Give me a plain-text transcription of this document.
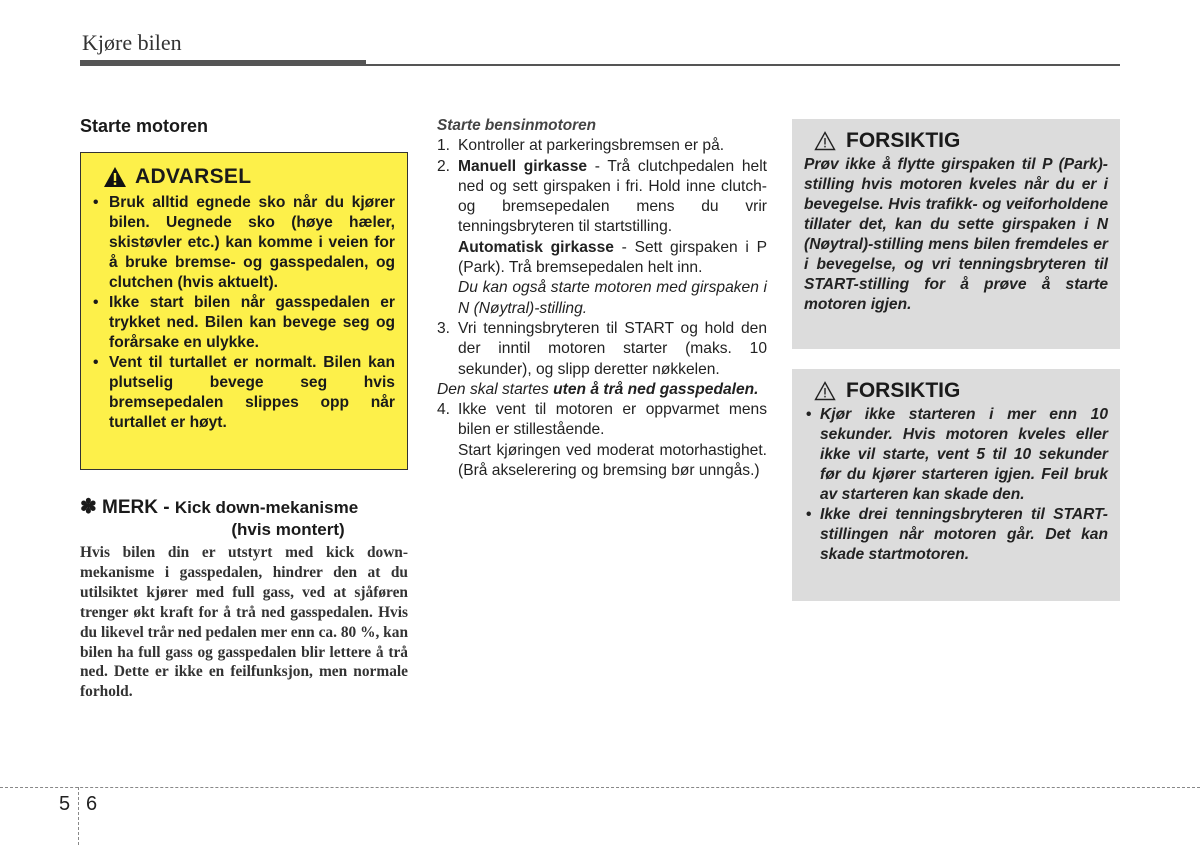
Kjøre bilen
Starte motoren
ADVARSEL
• Bruk alltid egnede sko når du kjører bilen. Uegnede sko (høye hæler, skistøvler etc.) kan komme i veien for å bruke bremse- og gasspedalen, og clutchen (hvis aktuelt).
• Ikke start bilen når gasspedalen er trykket ned. Bilen kan bevege seg og forårsake en ulykke.
• Vent til turtallet er normalt. Bilen kan plutselig bevege seg hvis bremsepedalen slippes opp når turtallet er høyt.
✽ MERK - Kick down-mekanisme
(hvis montert)
Hvis bilen din er utstyrt med kick down-mekanisme i gasspedalen, hindrer den at du utilsiktet kjører med full gass, ved at sjåføren trenger økt kraft for å trå ned gasspedalen. Hvis du likevel trår ned pedalen mer enn ca. 80 %, kan bilen ha full gass og gasspedalen blir lettere å trå ned. Dette er ikke en feilfunksjon, men normale forhold.
Starte bensinmotoren
1. Kontroller at parkeringsbremsen er på.
2. Manuell girkasse - Trå clutchpedalen helt ned og sett girspaken i fri. Hold inne clutch- og bremsepedalen mens du vrir tenningsbryteren til startstilling.
Automatisk girkasse - Sett girspaken i P (Park). Trå bremsepedalen helt inn.
Du kan også starte motoren med girspaken i N (Nøytral)-stilling.
3. Vri tenningsbryteren til START og hold den der inntil motoren starter (maks. 10 sekunder), og slipp deretter nøkkelen.
Den skal startes uten å trå ned gasspedalen.
4. Ikke vent til motoren er oppvarmet mens bilen er stillestående.
Start kjøringen ved moderat motorhastighet. (Brå akselerering og bremsing bør unngås.)
FORSIKTIG
Prøv ikke å flytte girspaken til P (Park)-stilling hvis motoren kveles når du er i bevegelse. Hvis trafikk- og veiforholdene tillater det, kan du sette girspaken i N (Nøytral)-stilling mens bilen fremdeles er i bevegelse, og vri tenningsbryteren til START-stilling for å prøve å starte motoren igjen.
FORSIKTIG
• Kjør ikke starteren i mer enn 10 sekunder. Hvis motoren kveles eller ikke vil starte, vent 5 til 10 sekunder før du kjører starteren igjen. Feil bruk av starteren kan skade den.
• Ikke drei tenningsbryteren til START-stillingen når motoren går. Det kan skade startmotoren.
5 6
